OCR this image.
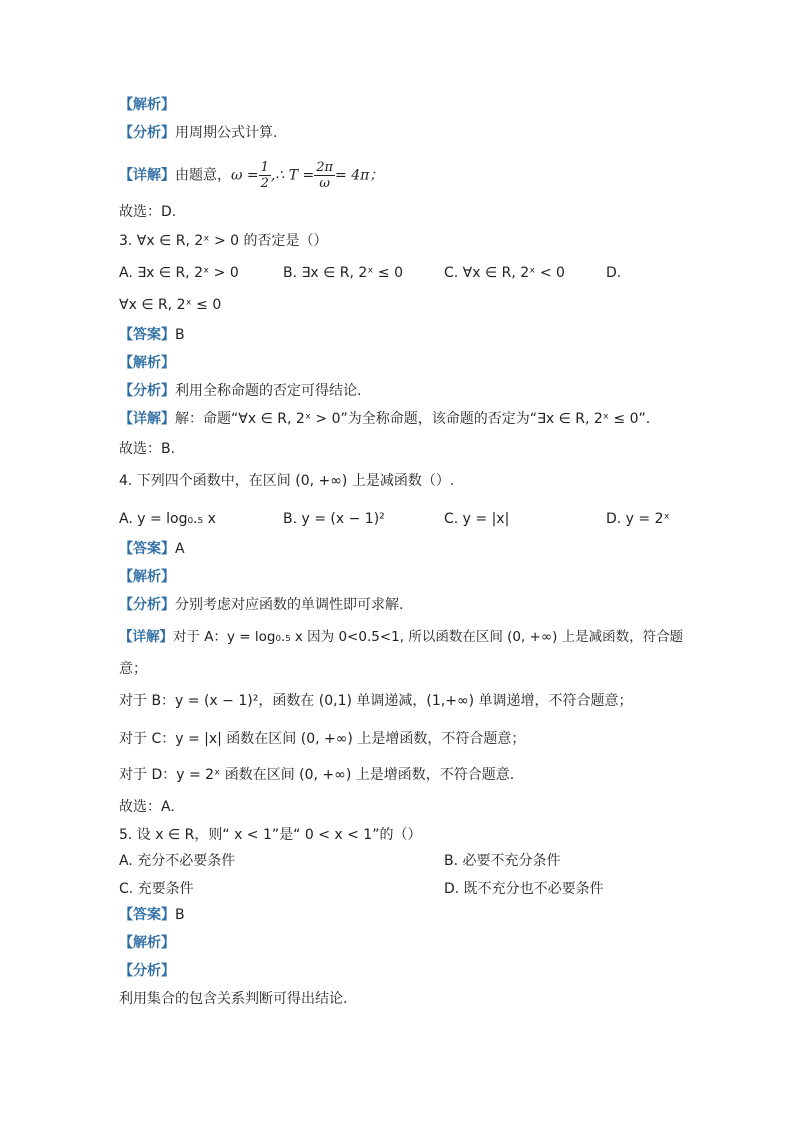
【解析】
【分析】用周期公式计算.
【详解】由题意，$\omega = \frac{1}{2}$ ,∴ $T = \frac{2\pi}{\omega} = 4\pi$；
故选：D.
3. ∀x ∈ R, 2ˣ > 0 的否定是（）
A. ∃x ∈ R, 2ˣ > 0	B. ∃x ∈ R, 2ˣ ≤ 0	C. ∀x ∈ R, 2ˣ < 0	D.
∀x ∈ R, 2ˣ ≤ 0
【答案】B
【解析】
【分析】利用全称命题的否定可得结论.
【详解】解：命题“∀x ∈ R, 2ˣ > 0”为全称命题，该命题的否定为“∃x ∈ R, 2ˣ ≤ 0”.
故选：B.
4. 下列四个函数中，在区间 (0, +∞) 上是减函数（）.
A. y = log₀.₅ x	B. y = (x − 1)²	C. y = |x|	D. y = 2ˣ
【答案】A
【解析】
【分析】分别考虑对应函数的单调性即可求解.
【详解】对于 A：y = log₀.₅ x 因为 0<0.5<1, 所以函数在区间 (0, +∞) 上是减函数，符合题
意；
对于 B：y = (x − 1)²，函数在 (0,1) 单调递减，(1,+∞) 单调递增，不符合题意；
对于 C：y = |x| 函数在区间 (0, +∞) 上是增函数，不符合题意；
对于 D：y = 2ˣ 函数在区间 (0, +∞) 上是增函数，不符合题意.
故选：A.
5. 设 x ∈ R，则“ x < 1”是“ 0 < x < 1”的（）
A. 充分不必要条件	B. 必要不充分条件
C. 充要条件	D. 既不充分也不必要条件
【答案】B
【解析】
【分析】
利用集合的包含关系判断可得出结论.
